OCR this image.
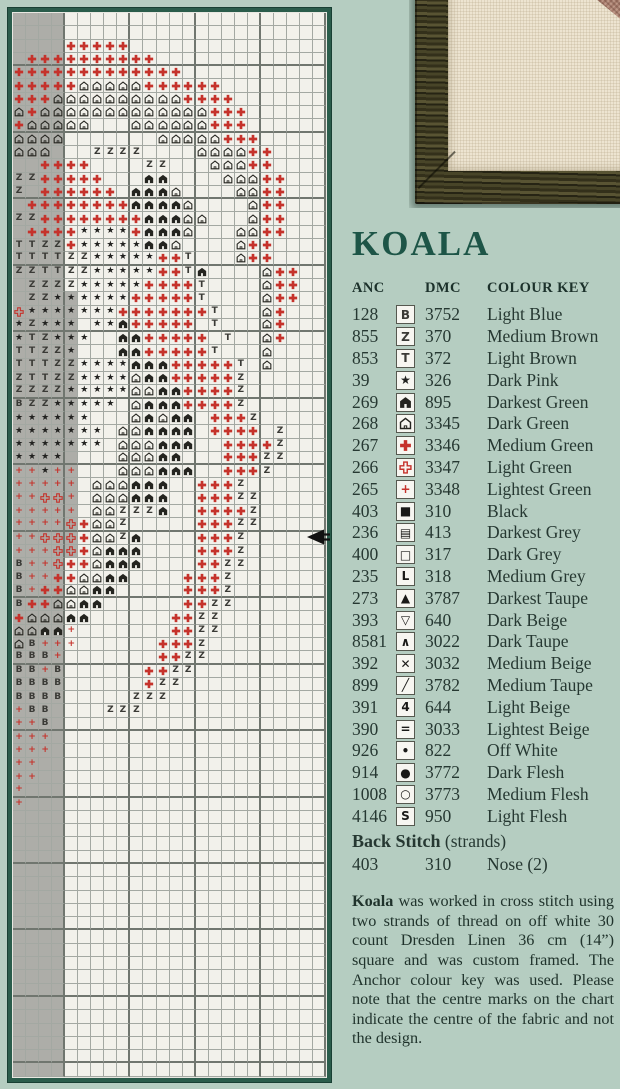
Z Z Z Z
Z Z
Z Z
Z
Z Z
★ ★ ★ ★
T T Z Z ★ ★ ★ ★ ★
T T T T Z Z ★ ★ ★ ★ ★	T
Z Z T T Z Z ★ ★ ★ ★ ★	T
Z Z Z Z ★ ★ ★ ★ ★	T
Z Z ★ ★ ★ ★ ★ ★	T
★ ★ ★ ★ ★ ★ ★	T
★ Z ★ ★ ★ ★ ★	T
★ T Z ★ ★ ★	T
T T Z Z ★	T
T T T Z Z ★ ★ ★ ★	T
Z T T Z Z ★ ★ ★ ★	Z
Z Z Z Z ★ ★ ★ ★ ★	Z
B Z Z ★ ★ ★ ★ ★	Z
★ ★ ★ ★ ★ ★	Z
★ ★ ★ ★ ★ ★ ★	Z
★ ★ ★ ★ ★ ★ ★	Z
★ ★ ★ ★	Z Z
+ + ★ + +	Z
+ + + + +	Z
+ +	+	Z Z
+ + + + +	Z Z Z	Z
+ + + +	Z	Z Z
+ +	Z	Z
+ + +	Z
B + +	Z Z
B + +	Z
B +	Z
B	Z Z
Z Z
+	Z Z
B + + +	Z
B B B +	Z Z
B B + B	Z Z
B B B B	Z Z
B B B B	Z Z Z
+ B B	Z Z Z
+ + B
+ + +
+ + +
+ +
+ +
+
+
KOALA
ANC	DMC	COLOUR KEY
128	B 3752	Light Blue
855	Z 370	Medium Brown
853	T 372	Light Brown
39	★ 326	Dark Pink
269	895	Darkest Green
268	3345	Dark Green
267	3346	Medium Green
266	3347	Light Green
265	+ 3348	Lightest Green
403	■ 310	Black
236	▤ 413	Darkest Grey
400	□ 317	Dark Grey
235	L 318	Medium Grey
273	▲ 3787	Darkest Taupe
393	▽ 640	Dark Beige
8581	∧ 3022	Dark Taupe
392	✕ 3032	Medium Beige
899	╱ 3782	Medium Taupe
391	4 644	Light Beige
390	= 3033	Lightest Beige
926	• 822	Off White
914	● 3772	Dark Flesh
1008	○ 3773	Medium Flesh
4146	S 950	Light Flesh
Back Stitch (strands)
403	310	Nose (2)

Koala was worked in cross stitch using two strands of thread on off white 30 count Dresden Linen 36 cm (14”) square and was custom framed. The Anchor colour key was used. Please note that the centre marks on the chart indicate the centre of the fabric and not the design.
